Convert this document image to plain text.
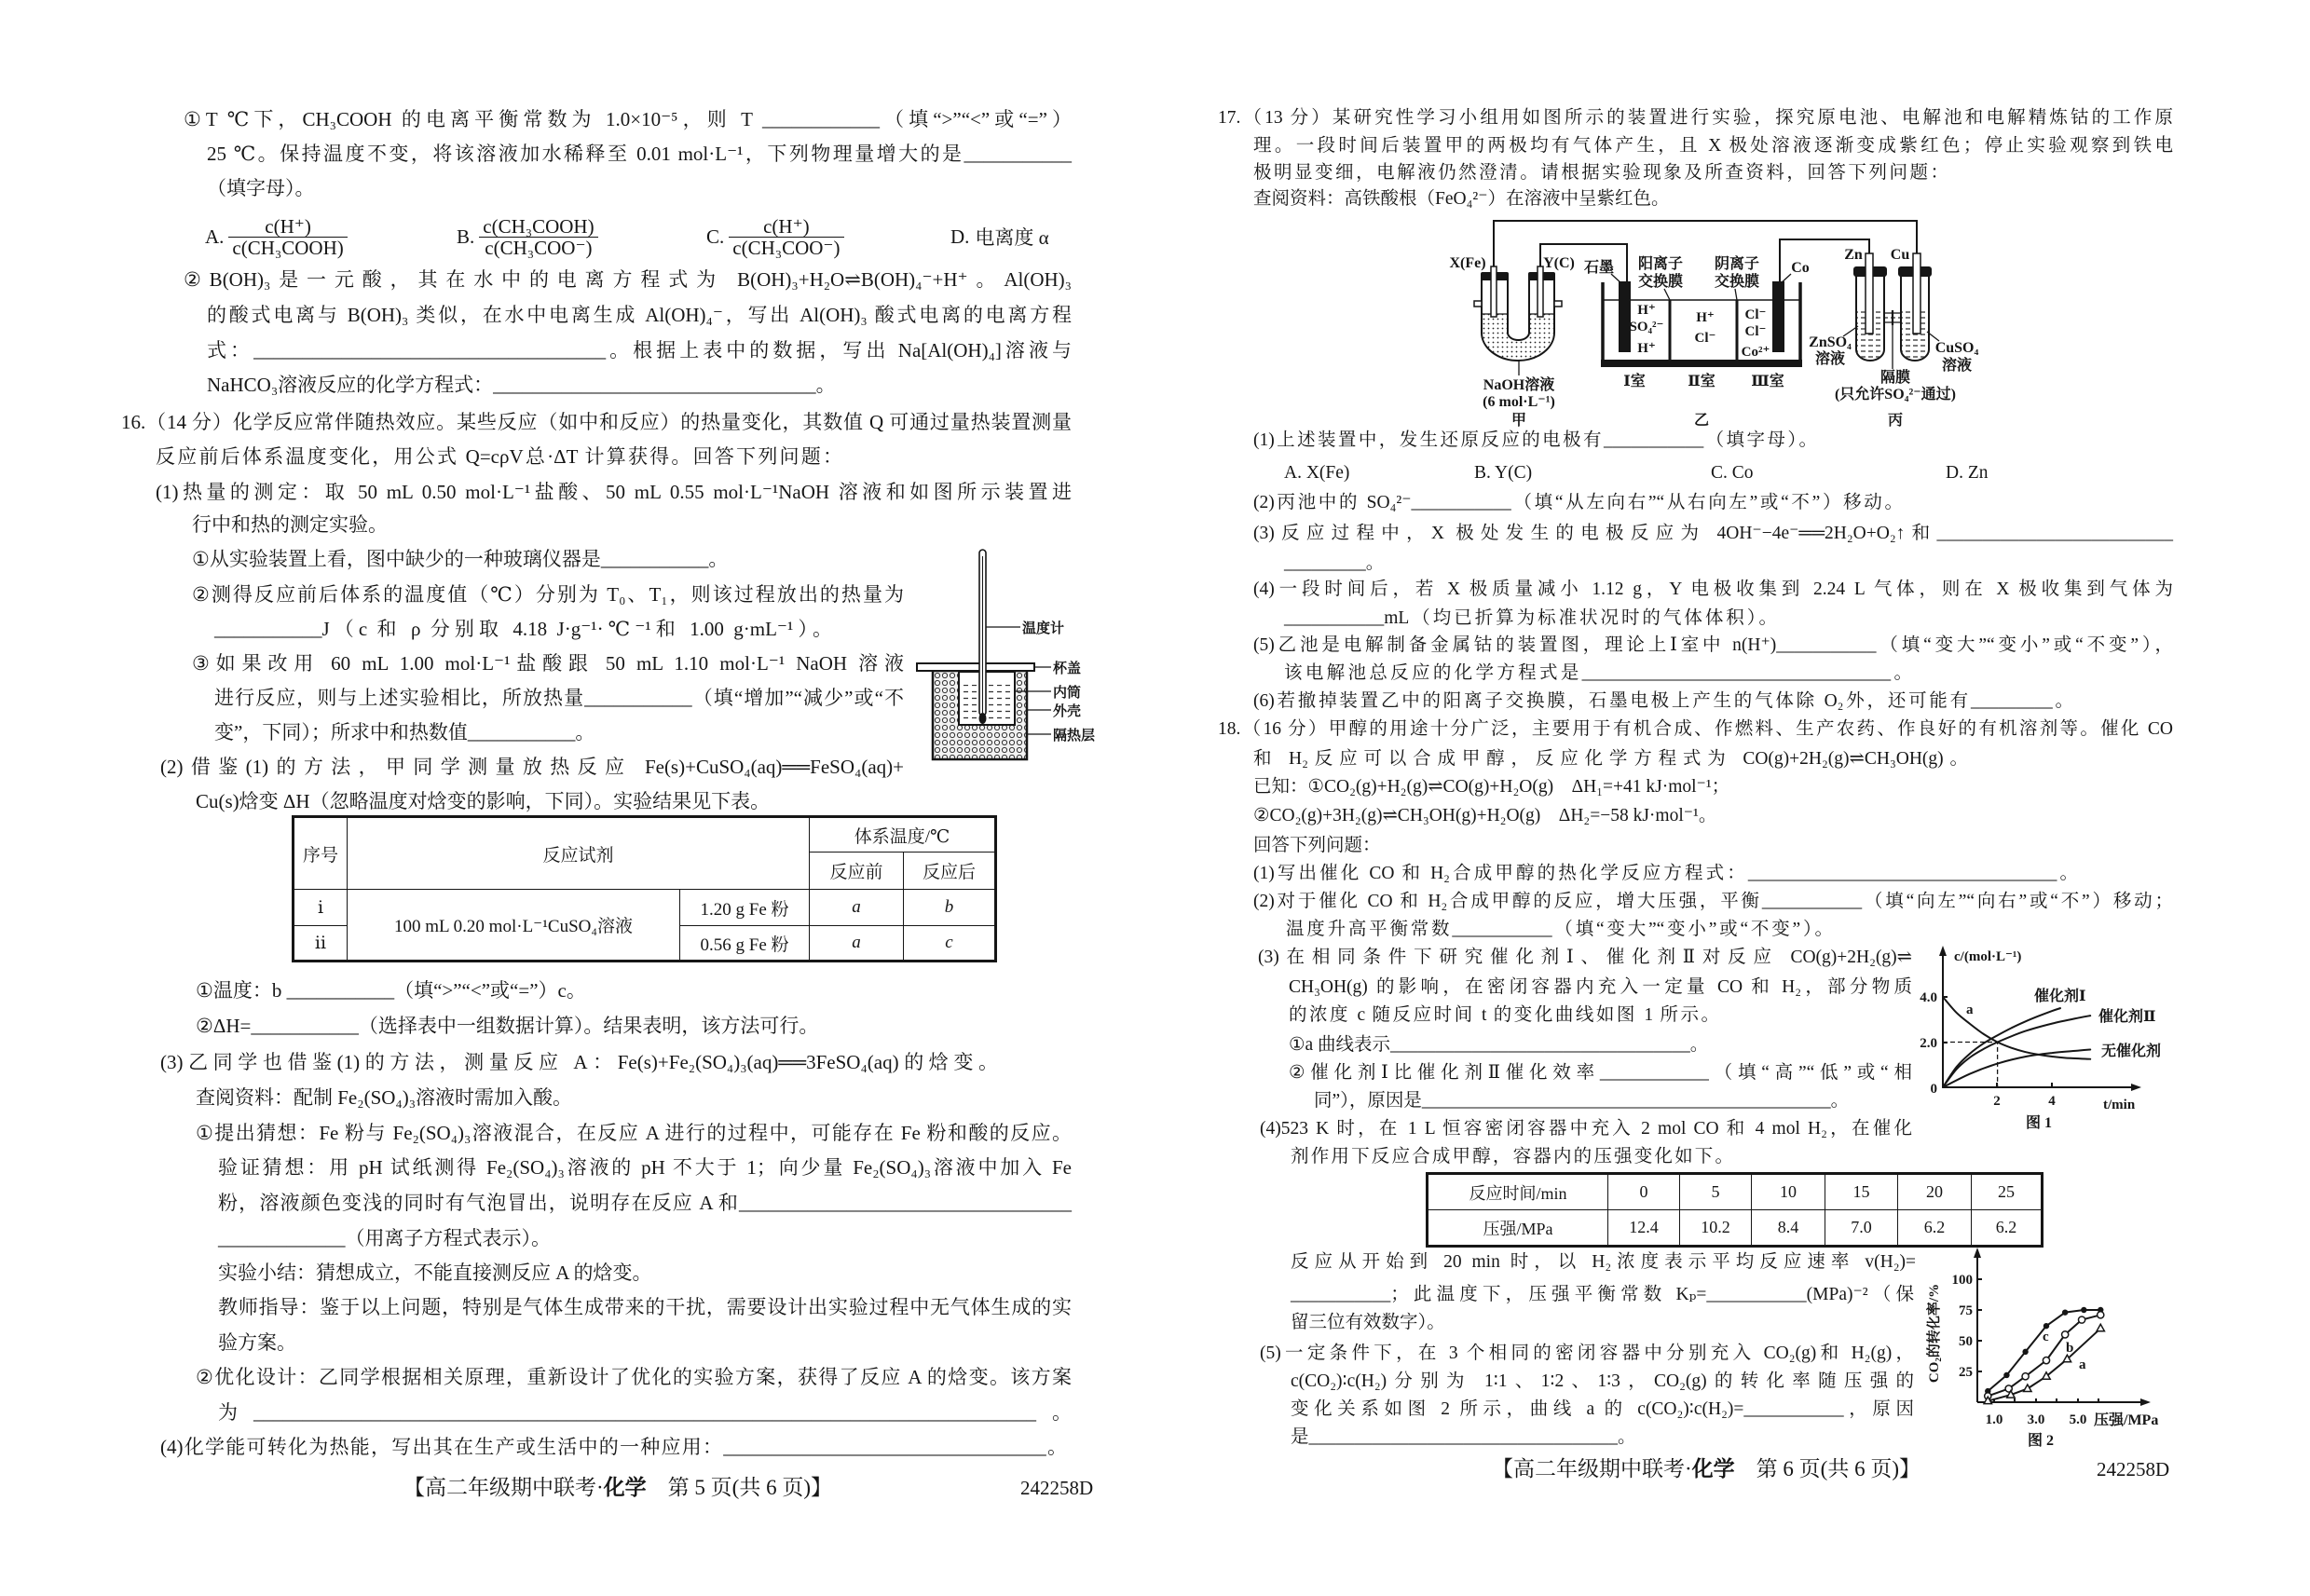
①T ℃下，CH₃COOH 的电离平衡常数为 1.0×10⁻⁵，则 T ____________（填“>”“<”或“=”）
25 ℃。保持温度不变，将该溶液加水稀释至 0.01 mol·L⁻¹，下列物理量增大的是___________
（填字母）。
A. $\frac{c(H^+)}{\text{c(CH₃COOH)}}$	B. $\frac{\text{c(CH₃COOH)}}{\text{c(CH₃COO⁻)}}$	C. $\frac{c(H^+)}{\text{c(CH₃COO⁻)}}$	D. 电离度 α
②B(OH)₃是一元酸，其在水中的电离方程式为 B(OH)₃+H₂O⇌B(OH)₄⁻+H⁺。Al(OH)₃
的酸式电离与 B(OH)₃ 类似，在水中电离生成 Al(OH)₄⁻，写出 Al(OH)₃ 酸式电离的电离方程
式：____________________________________。根据上表中的数据，写出 Na[Al(OH)₄]溶液与
NaHCO₃溶液反应的化学方程式：_________________________________。
16.（14 分）化学反应常伴随热效应。某些反应（如中和反应）的热量变化，其数值 Q 可通过量热装置测量
反应前后体系温度变化，用公式 Q=cρV总·ΔT 计算获得。回答下列问题：
(1)热量的测定：取 50 mL 0.50 mol·L⁻¹盐酸、50 mL 0.55 mol·L⁻¹NaOH 溶液和如图所示装置进
行中和热的测定实验。
①从实验装置上看，图中缺少的一种玻璃仪器是___________。
②测得反应前后体系的温度值（℃）分别为 T₀、T₁，则该过程放出的热量为
___________J（c 和 ρ 分别取 4.18 J·g⁻¹·℃⁻¹和 1.00 g·mL⁻¹）。
③如果改用 60 mL 1.00 mol·L⁻¹盐酸跟 50 mL 1.10 mol·L⁻¹ NaOH 溶液
进行反应，则与上述实验相比，所放热量___________（填“增加”“减少”或“不
变”，下同）；所求中和热数值___________。
(2)借鉴(1)的方法，甲同学测量放热反应 Fe(s)+CuSO₄(aq)══FeSO₄(aq)+
Cu(s)焓变 ΔH（忽略温度对焓变的影响，下同）。实验结果见下表。
序号	反应试剂		体系温度/℃	
			反应前	反应后
ⅰ	100 mL 0.20 mol·L⁻¹CuSO₄溶液	1.20 g Fe 粉	a	b
ⅱ		0.56 g Fe 粉	a	c
①温度：b ___________（填“>”“<”或“=”）c。
②ΔH=___________（选择表中一组数据计算）。结果表明，该方法可行。
(3)乙同学也借鉴(1)的方法，测量反应 A：Fe(s)+Fe₂(SO₄)₃(aq)══3FeSO₄(aq)的焓变。
查阅资料：配制 Fe₂(SO₄)₃溶液时需加入酸。
①提出猜想：Fe 粉与 Fe₂(SO₄)₃溶液混合，在反应 A 进行的过程中，可能存在 Fe 粉和酸的反应。
验证猜想：用 pH 试纸测得 Fe₂(SO₄)₃溶液的 pH 不大于 1；向少量 Fe₂(SO₄)₃溶液中加入 Fe
粉，溶液颜色变浅的同时有气泡冒出，说明存在反应 A 和__________________________________
_____________（用离子方程式表示）。
实验小结：猜想成立，不能直接测反应 A 的焓变。
教师指导：鉴于以上问题，特别是气体生成带来的干扰，需要设计出实验过程中无气体生成的实
验方案。
②优化设计：乙同学根据相关原理，重新设计了优化的实验方案，获得了反应 A 的焓变。该方案
为________________________________________________________________________________。
(4)化学能可转化为热能，写出其在生产或生活中的一种应用：_________________________________。
温度计
杯盖
内筒
外壳
隔热层
【高二年级期中联考·化学　第 5 页(共 6 页)】	242258D
17.（13 分）某研究性学习小组用如图所示的装置进行实验，探究原电池、电解池和电解精炼钴的工作原
理。一段时间后装置甲的两极均有气体产生，且 X 极处溶液逐渐变成紫红色；停止实验观察到铁电
极明显变细，电解液仍然澄清。请根据实验现象及所查资料，回答下列问题：
查阅资料：高铁酸根（FeO₄²⁻）在溶液中呈紫红色。
X(Fe)	Y(C) 石墨 阳离子
交换膜
阴离子
交换膜
Co
Zn Cu
H⁺
SO₄²⁻
H⁺
H⁺
Cl⁻
Cl⁻
Cl⁻
Co²⁺
NaOH溶液
(6 mol·L⁻¹)
甲
Ⅰ室	Ⅱ室 Ⅲ室
乙
ZnSO₄
溶液
CuSO₄
溶液
隔膜
(只允许SO₄²⁻通过)
丙
(1)上述装置中，发生还原反应的电极有___________（填字母）。
A. X(Fe)	B. Y(C)	C. Co	D. Zn
(2)丙池中的 SO₄²⁻___________（填“从左向右”“从右向左”或“不”）移动。
(3)反应过程中，X 极处发生的电极反应为 4OH⁻−4e⁻══2H₂O+O₂↑和__________________________
_________。
(4)一段时间后，若 X 极质量减小 1.12 g，Y 电极收集到 2.24 L 气体，则在 X 极收集到气体为
___________mL（均已折算为标准状况时的气体体积）。
(5)乙池是电解制备金属钴的装置图，理论上Ⅰ室中 n(H⁺)___________（填“变大”“变小”或“不变”），
该电解池总反应的化学方程式是__________________________________。
(6)若撤掉装置乙中的阳离子交换膜，石墨电极上产生的气体除 O₂外，还可能有_________。
18.（16 分）甲醇的用途十分广泛，主要用于有机合成、作燃料、生产农药、作良好的有机溶剂等。催化 CO
和 H₂反应可以合成甲醇，反应化学方程式为 CO(g)+2H₂(g)⇌CH₃OH(g)。
已知：①CO₂(g)+H₂(g)⇌CO(g)+H₂O(g)　ΔH₁=+41 kJ·mol⁻¹；
②CO₂(g)+3H₂(g)⇌CH₃OH(g)+H₂O(g)　ΔH₂=−58 kJ·mol⁻¹。
回答下列问题：
(1)写出催化 CO 和 H₂合成甲醇的热化学反应方程式：__________________________________。
(2)对于催化 CO 和 H₂合成甲醇的反应，增大压强，平衡___________（填“向左”“向右”或“不”）移动；
温度升高平衡常数___________（填“变大”“变小”或“不变”）。
(3)在相同条件下研究催化剂Ⅰ、催化剂Ⅱ对反应 CO(g)+2H₂(g)⇌
CH₃OH(g) 的影响，在密闭容器内充入一定量 CO 和 H₂，部分物质
的浓度 c 随反应时间 t 的变化曲线如图 1 所示。
①a 曲线表示_________________________________。
②催化剂Ⅰ比催化剂Ⅱ催化效率____________（填“高”“低”或“相
同”），原因是_____________________________________________。
(4)523 K 时，在 1 L 恒容密闭容器中充入 2 mol CO 和 4 mol H₂，在催化
剂作用下反应合成甲醇，容器内的压强变化如下。
反应时间/min	0	5	10	15	20	25
压强/MPa	12.4	10.2	8.4	7.0	6.2	6.2
反应从开始到 20 min 时，以 H₂浓度表示平均反应速率 v(H₂)=
___________；此温度下，压强平衡常数 Kₚ=___________(MPa)⁻²（保
留三位有效数字）。
(5)一定条件下，在 3 个相同的密闭容器中分别充入 CO₂(g)和 H₂(g)，
c(CO₂)∶c(H₂)分别为 1∶1、1∶2、1∶3，CO₂(g)的转化率随压强的
变化关系如图 2 所示，曲线 a 的 c(CO₂)∶c(H₂)=___________，原因
是__________________________________。
c/(mol·L⁻¹)
4.0
2.0
0
2	4	t/min
图 1
a
催化剂Ⅰ
催化剂Ⅱ
无催化剂
CO₂的转化率/%
100
75
50
25
1.0 3.0 5.0 压强/MPa
图 2
c
b
a
【高二年级期中联考·化学　第 6 页(共 6 页)】	242258D
